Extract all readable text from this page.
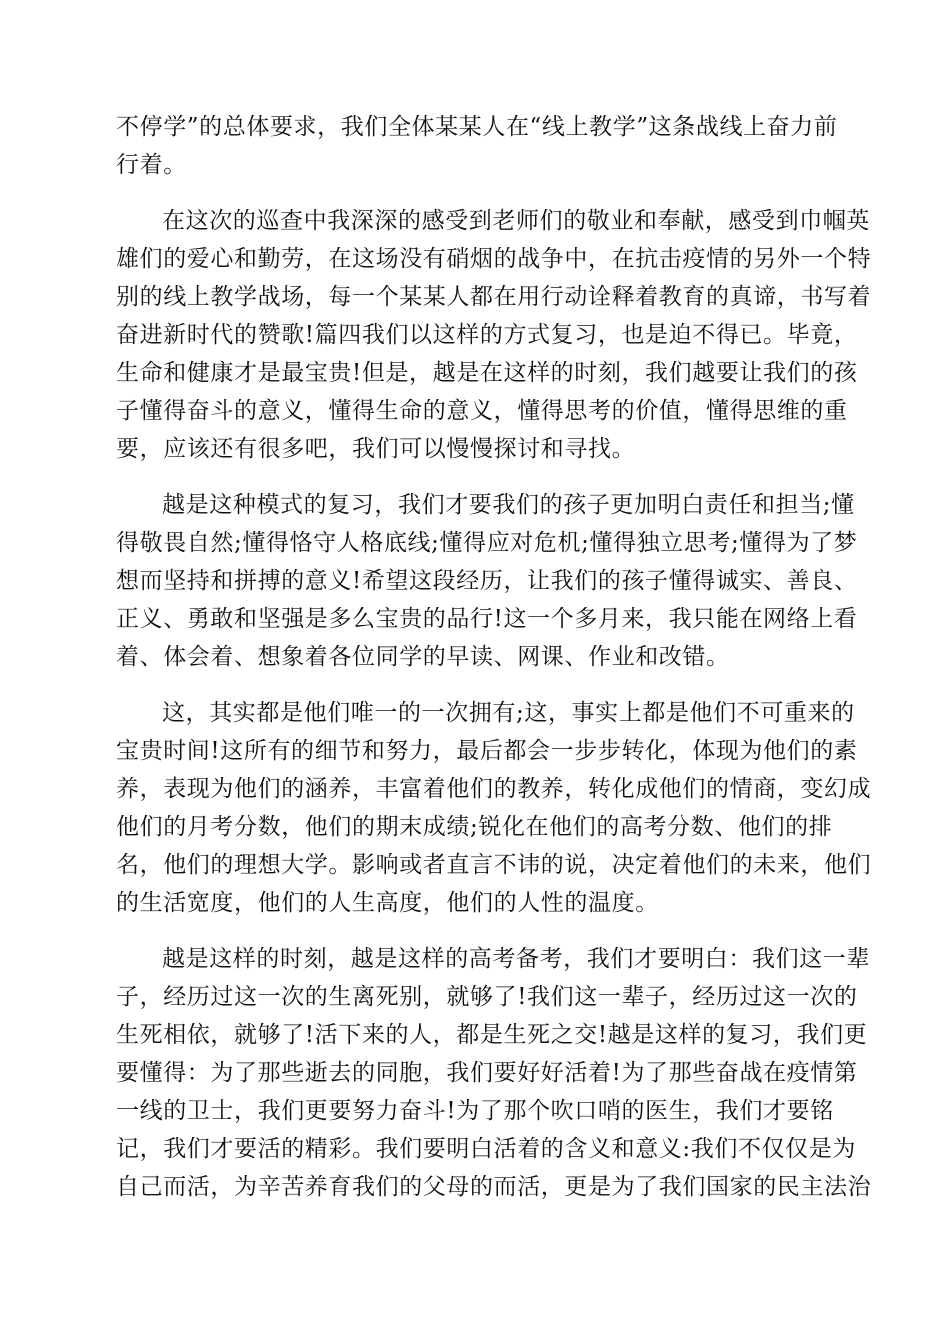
不停学”的总体要求，我们全体某某人在“线上教学”这条战线上奋力前
行着。
在这次的巡查中我深深的感受到老师们的敬业和奉献，感受到巾帼英
雄们的爱心和勤劳，在这场没有硝烟的战争中，在抗击疫情的另外一个特
别的线上教学战场，每一个某某人都在用行动诠释着教育的真谛，书写着
奋进新时代的赞歌!篇四我们以这样的方式复习，也是迫不得已。毕竟，
生命和健康才是最宝贵!但是，越是在这样的时刻，我们越要让我们的孩
子懂得奋斗的意义，懂得生命的意义，懂得思考的价值，懂得思维的重
要，应该还有很多吧，我们可以慢慢探讨和寻找。
越是这种模式的复习，我们才要我们的孩子更加明白责任和担当;懂
得敬畏自然;懂得恪守人格底线;懂得应对危机;懂得独立思考;懂得为了梦
想而坚持和拼搏的意义!希望这段经历，让我们的孩子懂得诚实、善良、
正义、勇敢和坚强是多么宝贵的品行!这一个多月来，我只能在网络上看
着、体会着、想象着各位同学的早读、网课、作业和改错。
这，其实都是他们唯一的一次拥有;这，事实上都是他们不可重来的
宝贵时间!这所有的细节和努力，最后都会一步步转化，体现为他们的素
养，表现为他们的涵养，丰富着他们的教养，转化成他们的情商，变幻成
他们的月考分数，他们的期末成绩;锐化在他们的高考分数、他们的排
名，他们的理想大学。影响或者直言不讳的说，决定着他们的未来，他们
的生活宽度，他们的人生高度，他们的人性的温度。
越是这样的时刻，越是这样的高考备考，我们才要明白：我们这一辈
子，经历过这一次的生离死别，就够了!我们这一辈子，经历过这一次的
生死相依，就够了!活下来的人，都是生死之交!越是这样的复习，我们更
要懂得：为了那些逝去的同胞，我们要好好活着!为了那些奋战在疫情第
一线的卫士，我们更要努力奋斗!为了那个吹口哨的医生，我们才要铭
记，我们才要活的精彩。我们要明白活着的含义和意义:我们不仅仅是为
自己而活，为辛苦养育我们的父母的而活，更是为了我们国家的民主法治
